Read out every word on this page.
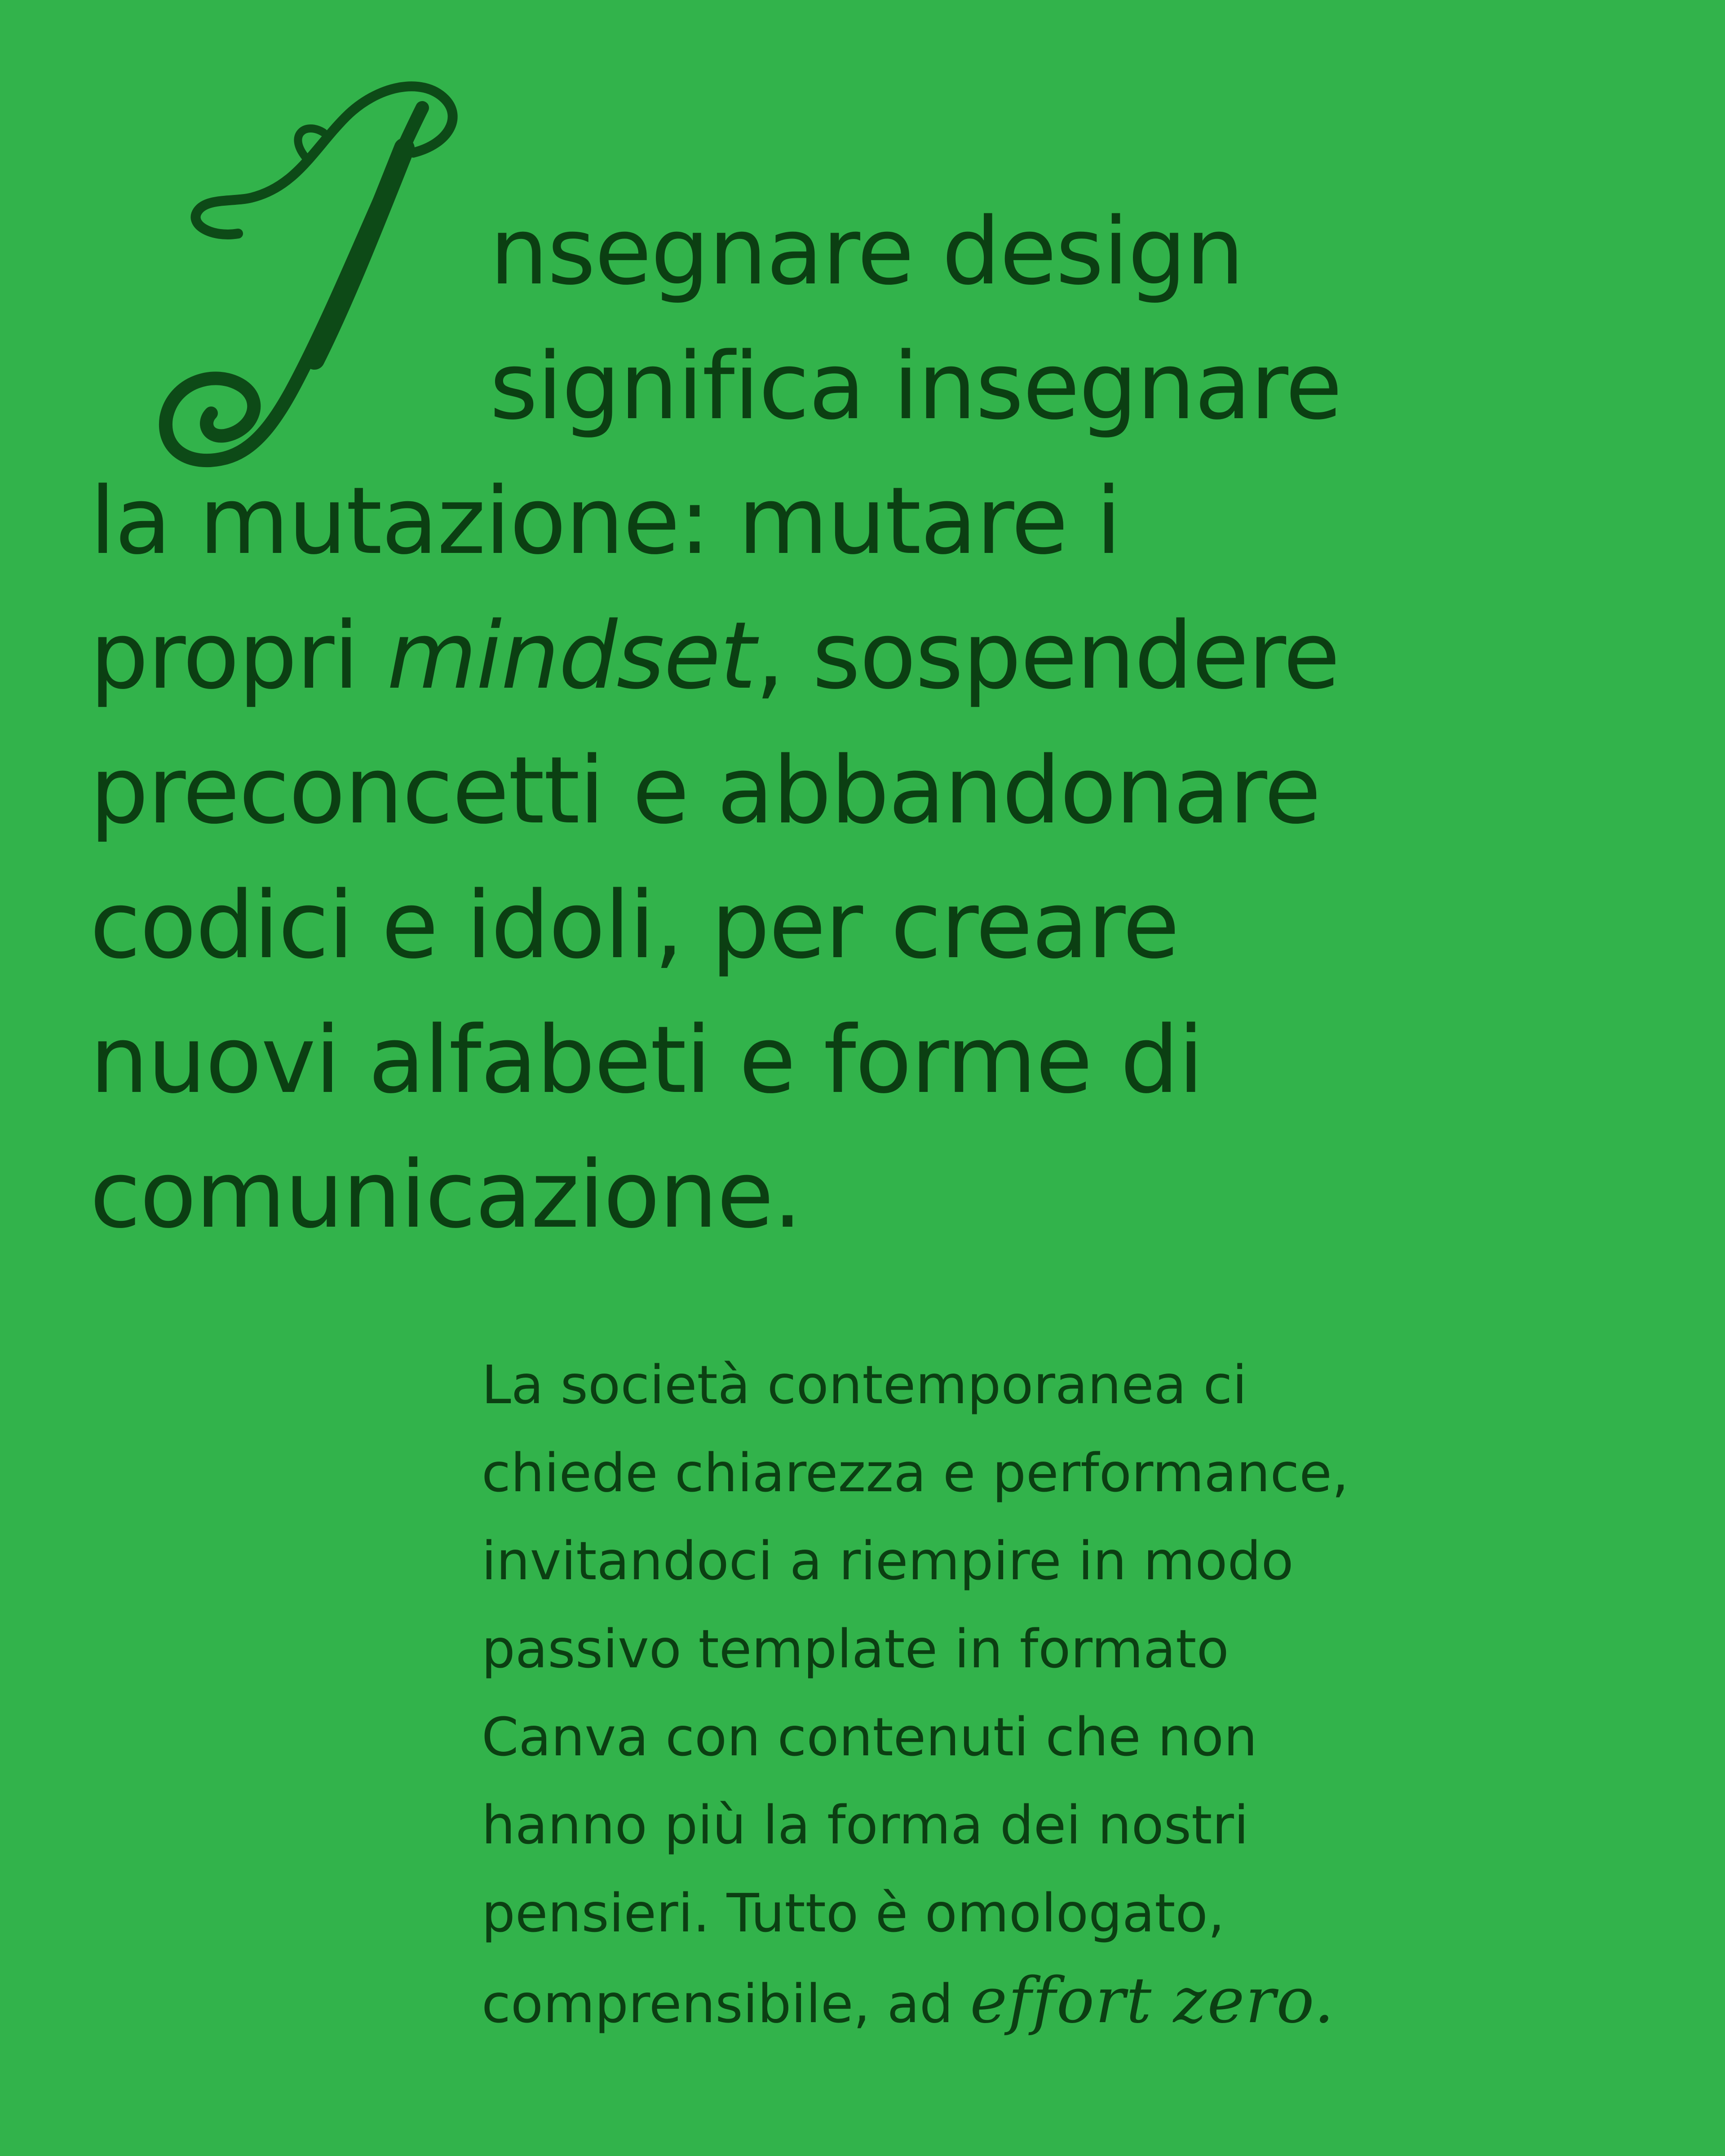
nsegnare design
significa insegnare
la mutazione: mutare i
propri mindset, sospendere
preconcetti e abbandonare
codici e idoli, per creare
nuovi alfabeti e forme di
comunicazione.

La società contemporanea ci
chiede chiarezza e performance,
invitandoci a riempire in modo
passivo template in formato
Canva con contenuti che non
hanno più la forma dei nostri
pensieri. Tutto è omologato,
comprensibile, ad effort zero.
